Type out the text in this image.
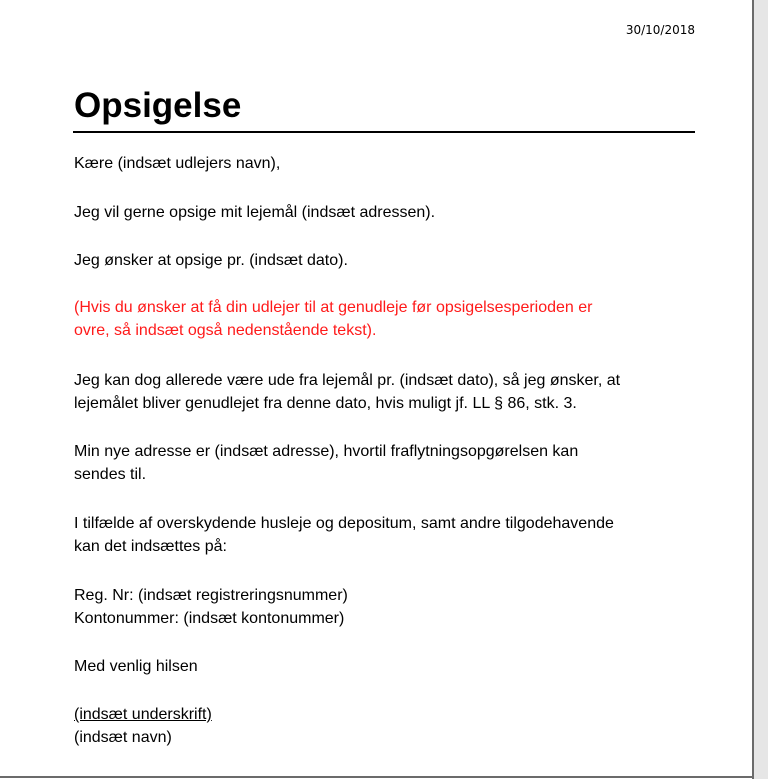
30/10/2018
Opsigelse

Kære (indsæt udlejers navn),

Jeg vil gerne opsige mit lejemål (indsæt adressen).

Jeg ønsker at opsige pr. (indsæt dato).

(Hvis du ønsker at få din udlejer til at genudleje før opsigelsesperioden er
ovre, så indsæt også nedenstående tekst).
Jeg kan dog allerede være ude fra lejemål pr. (indsæt dato), så jeg ønsker, at
lejemålet bliver genudlejet fra denne dato, hvis muligt jf. LL § 86, stk. 3.
Min nye adresse er (indsæt adresse), hvortil fraflytningsopgørelsen kan
sendes til.
I tilfælde af overskydende husleje og depositum, samt andre tilgodehavende
kan det indsættes på:
Reg. Nr: (indsæt registreringsnummer)
Kontonummer: (indsæt kontonummer)

Med venlig hilsen

(indsæt underskrift)
(indsæt navn)
